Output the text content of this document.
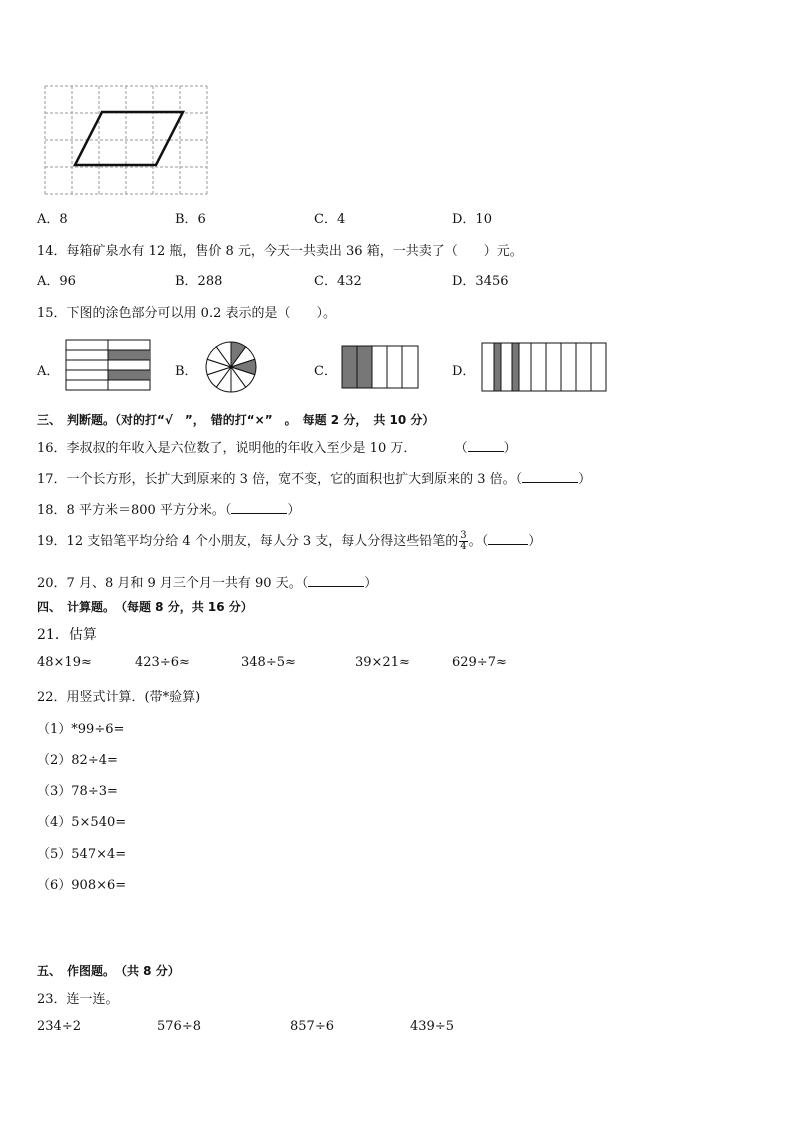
A．8	B．6	C．4	D．10
14．每箱矿泉水有 12 瓶，售价 8 元，今天一共卖出 36 箱，一共卖了（　　）元。
A．96	B．288	C．432	D．3456
15．下图的涂色部分可以用 0.2 表示的是（　　）。
A．	B．	C．	D．
三、　判断题。（对的打“√　”，　错的打“×”　。　每题 2 分，　共 10 分）
16．李叔叔的年收入是六位数了，说明他的年收入至少是 10 万．	（	）
17．一个长方形，长扩大到原来的 3 倍，宽不变，它的面积也扩大到原来的 3 倍。（	）
18．8 平方米＝800 平方分米。（	）
19．12 支铅笔平均分给 4 个小朋友，每人分 3 支，每人分得这些铅笔的 $\frac{3}{4}$ 。（	）
20．7 月、8 月和 9 月三个月一共有 90 天。（	）
四、　计算题。　（每题 8 分，共 16 分）
21．估算
48×19≈	423÷6≈	348÷5≈	39×21≈	629÷7≈
22．用竖式计算．(带*验算)
（1）*99÷6=
（2）82÷4=
（3）78÷3=
（4）5×540=
（5）547×4=
（6）908×6=
五、　作图题。　（共 8 分）
23．连一连。
234÷2	576÷8	857÷6	439÷5
